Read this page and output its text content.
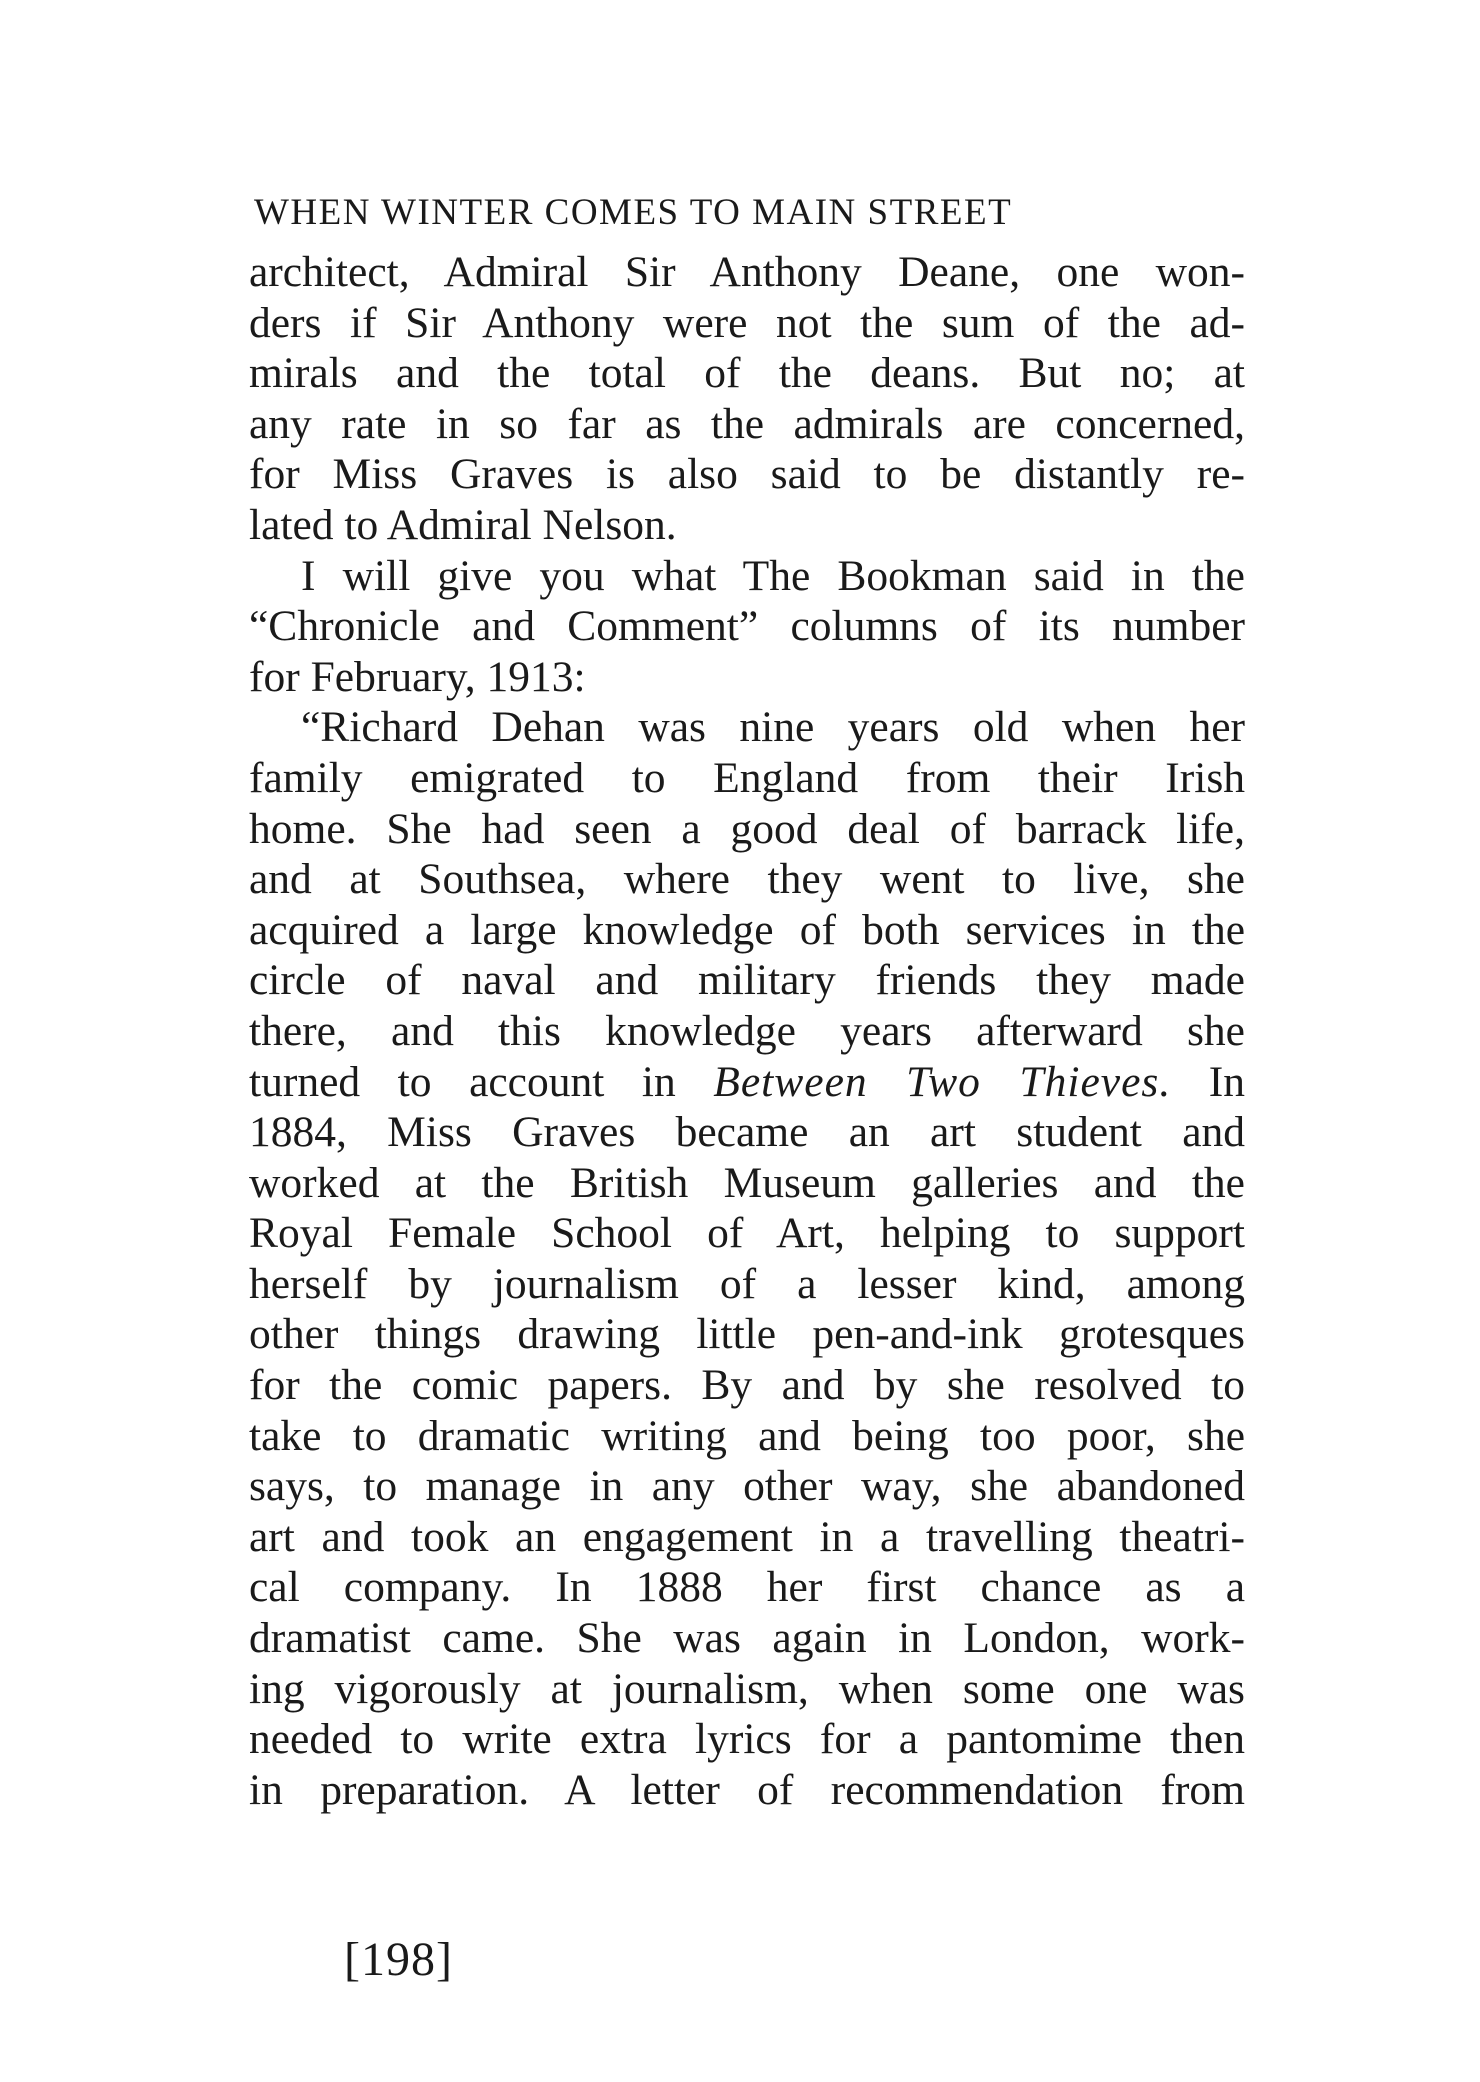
WHEN WINTER COMES TO MAIN STREET
architect, Admiral Sir Anthony Deane, one won-
ders if Sir Anthony were not the sum of the ad-
mirals and the total of the deans. But no; at
any rate in so far as the admirals are concerned,
for Miss Graves is also said to be distantly re-
lated to Admiral Nelson.
I will give you what The Bookman said in the
“Chronicle and Comment” columns of its number
for February, 1913:
“Richard Dehan was nine years old when her
family emigrated to England from their Irish
home. She had seen a good deal of barrack life,
and at Southsea, where they went to live, she
acquired a large knowledge of both services in the
circle of naval and military friends they made
there, and this knowledge years afterward she
turned to account in Between Two Thieves. In
1884, Miss Graves became an art student and
worked at the British Museum galleries and the
Royal Female School of Art, helping to support
herself by journalism of a lesser kind, among
other things drawing little pen-and-ink grotesques
for the comic papers. By and by she resolved to
take to dramatic writing and being too poor, she
says, to manage in any other way, she abandoned
art and took an engagement in a travelling theatri-
cal company. In 1888 her first chance as a
dramatist came. She was again in London, work-
ing vigorously at journalism, when some one was
needed to write extra lyrics for a pantomime then
in preparation. A letter of recommendation from
[198]
